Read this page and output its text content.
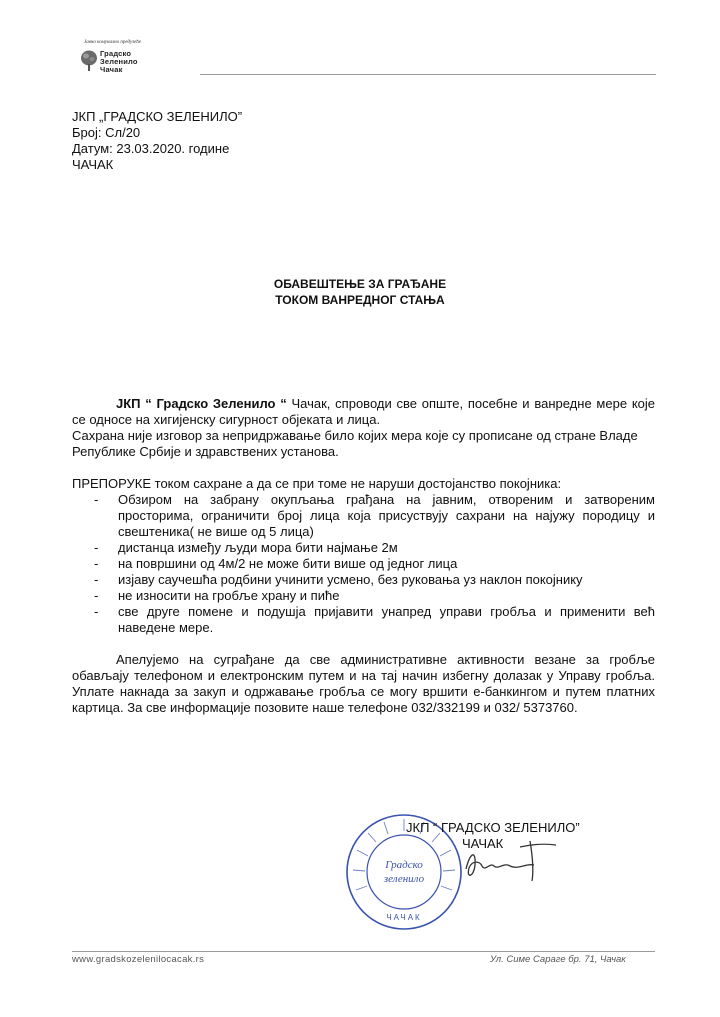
Јавно комунално предузеће
Градско
Зеленило
Чачак
ЈКП „ГРАДСКО ЗЕЛЕНИЛО”
Број: Сл/20
Датум: 23.03.2020. године
ЧАЧАК
ОБАВЕШТЕЊЕ ЗА ГРАЂАНЕ
ТОКОМ ВАНРЕДНОГ СТАЊА

ЈКП “ Градско Зеленило “ Чачак, спроводи све опште, посебне и ванредне мере које се односе на хигијенску сигурност објеката и лица.

Сахрана није изговор за непридржавање било којих мера које су прописане од стране Владе Републике Србије и здравствених установа.

ПРЕПОРУКЕ током сахране а да се при томе не наруши достојанство покојника:

- Обзиром на забрану окупљања грађана на јавним, отвореним и затвореним просторима, ограничити број лица која присуствују сахрани на најужу породицу и свештеника( не више од 5 лица)
- дистанца између људи мора бити најмање 2м
- на површини од 4м/2 не може бити више од једног лица
- изјаву саучешћа родбини учинити усмено, без руковања уз наклон покојнику
- не износити на гробље храну и пиће
- све друге помене и подушја пријавити унапред управи гробља и применити већ наведене мере.

Апелујемо на суграђане да све административне активности везане за гробље обављају телефоном и електронским путем и на тај начин избегну долазак у Управу гробља. Уплате накнада за закуп и одржавање гробља се могу вршити е-банкингом и путем платних картица. За све информације позовите наше телефоне 032/332199 и 032/ 5373760.

Градско
зеленило
ЧАЧАК
ЈКП “ ГРАДСКО ЗЕЛЕНИЛО”
ЧАЧАК
www.gradskozelenilocacak.rs	Ул. Симе Сараге бр. 71, Чачак
